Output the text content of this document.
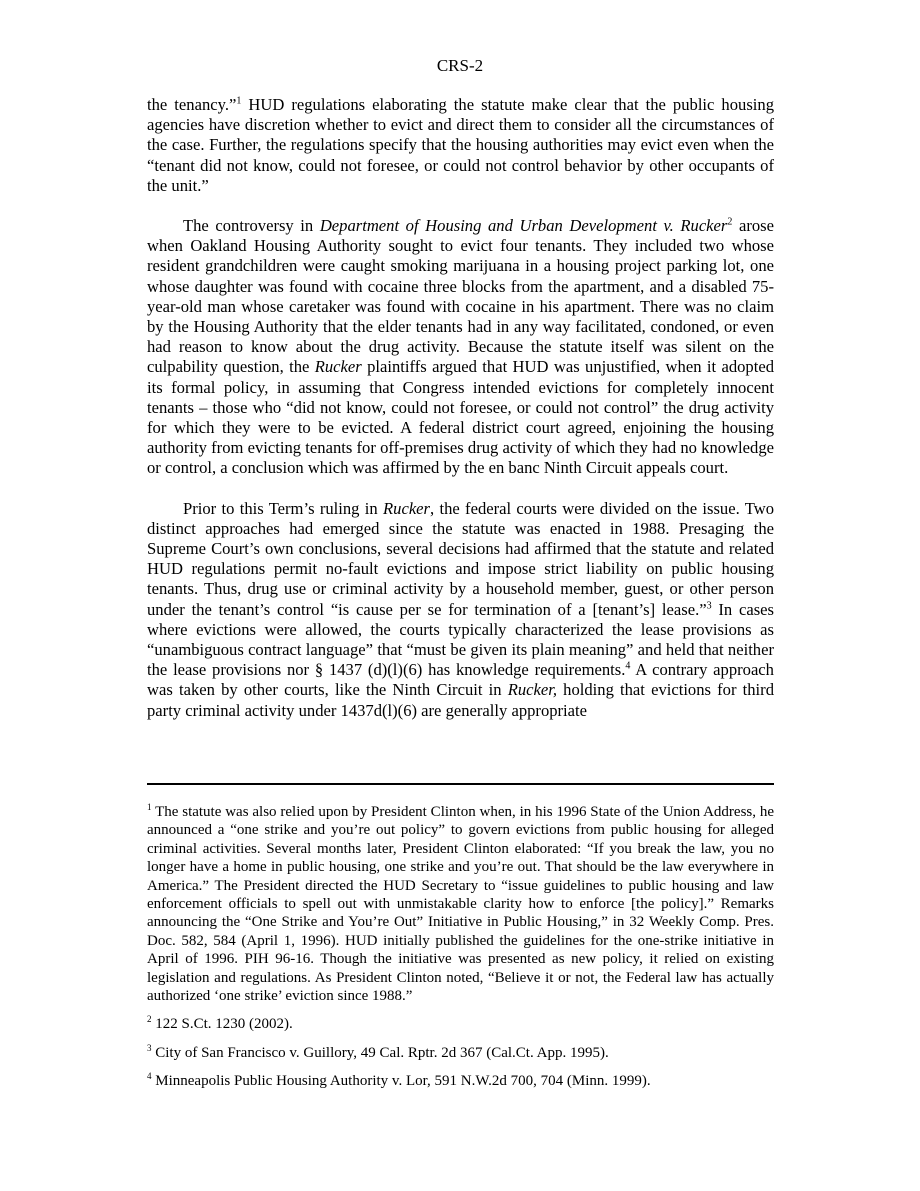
CRS-2

the tenancy.”$^1$ HUD regulations elaborating the statute make clear that the public housing agencies have discretion whether to evict and direct them to consider all the circumstances of the case. Further, the regulations specify that the housing authorities may evict even when the “tenant did not know, could not foresee, or could not control behavior by other occupants of the unit.”

The controversy in Department of Housing and Urban Development v. Rucker$^2$ arose when Oakland Housing Authority sought to evict four tenants. They included two whose resident grandchildren were caught smoking marijuana in a housing project parking lot, one whose daughter was found with cocaine three blocks from the apartment, and a disabled 75-year-old man whose caretaker was found with cocaine in his apartment. There was no claim by the Housing Authority that the elder tenants had in any way facilitated, condoned, or even had reason to know about the drug activity. Because the statute itself was silent on the culpability question, the Rucker plaintiffs argued that HUD was unjustified, when it adopted its formal policy, in assuming that Congress intended evictions for completely innocent tenants – those who “did not know, could not foresee, or could not control” the drug activity for which they were to be evicted. A federal district court agreed, enjoining the housing authority from evicting tenants for off-premises drug activity of which they had no knowledge or control, a conclusion which was affirmed by the en banc Ninth Circuit appeals court.

Prior to this Term’s ruling in Rucker, the federal courts were divided on the issue. Two distinct approaches had emerged since the statute was enacted in 1988. Presaging the Supreme Court’s own conclusions, several decisions had affirmed that the statute and related HUD regulations permit no-fault evictions and impose strict liability on public housing tenants. Thus, drug use or criminal activity by a household member, guest, or other person under the tenant’s control “is cause per se for termination of a [tenant’s] lease.”$^3$ In cases where evictions were allowed, the courts typically characterized the lease provisions as “unambiguous contract language” that “must be given its plain meaning” and held that neither the lease provisions nor § 1437 (d)(l)(6) has knowledge requirements.$^4$ A contrary approach was taken by other courts, like the Ninth Circuit in Rucker, holding that evictions for third party criminal activity under 1437d(l)(6) are generally appropriate

$^1$ The statute was also relied upon by President Clinton when, in his 1996 State of the Union Address, he announced a “one strike and you’re out policy” to govern evictions from public housing for alleged criminal activities. Several months later, President Clinton elaborated: “If you break the law, you no longer have a home in public housing, one strike and you’re out. That should be the law everywhere in America.” The President directed the HUD Secretary to “issue guidelines to public housing and law enforcement officials to spell out with unmistakable clarity how to enforce [the policy].” Remarks announcing the “One Strike and You’re Out” Initiative in Public Housing,” in 32 Weekly Comp. Pres. Doc. 582, 584 (April 1, 1996). HUD initially published the guidelines for the one-strike initiative in April of 1996. PIH 96-16. Though the initiative was presented as new policy, it relied on existing legislation and regulations. As President Clinton noted, “Believe it or not, the Federal law has actually authorized ‘one strike’ eviction since 1988.”

$^2$ 122 S.Ct. 1230 (2002).

$^3$ City of San Francisco v. Guillory, 49 Cal. Rptr. 2d 367 (Cal.Ct. App. 1995).

$^4$ Minneapolis Public Housing Authority v. Lor, 591 N.W.2d 700, 704 (Minn. 1999).
